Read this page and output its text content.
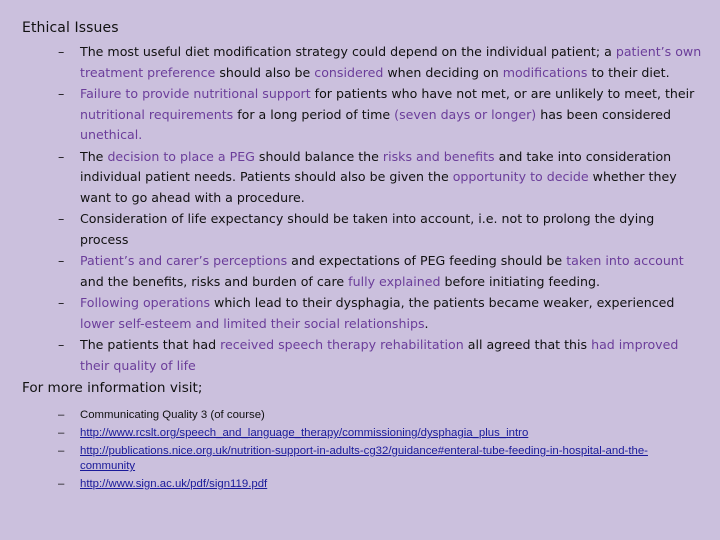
Ethical Issues
– The most useful diet modification strategy could depend on the individual patient; a patient’s own treatment preference should also be considered when deciding on modifications to their diet.
– Failure to provide nutritional support for patients who have not met, or are unlikely to meet, their nutritional requirements for a long period of time (seven days or longer) has been considered unethical.
– The decision to place a PEG should balance the risks and benefits and take into consideration individual patient needs. Patients should also be given the opportunity to decide whether they want to go ahead with a procedure.
– Consideration of life expectancy should be taken into account, i.e. not to prolong the dying process
– Patient’s and carer’s perceptions and expectations of PEG feeding should be taken into account and the benefits, risks and burden of care fully explained before initiating feeding.
– Following operations which lead to their dysphagia, the patients became weaker, experienced lower self-esteem and limited their social relationships.
– The patients that had received speech therapy rehabilitation all agreed that this had improved their quality of life
For more information visit;
– Communicating Quality 3 (of course)
– http://www.rcslt.org/speech_and_language_therapy/commissioning/dysphagia_plus_intro
– http://publications.nice.org.uk/nutrition-support-in-adults-cg32/guidance#enteral-tube-feeding-in-hospital-and-the-community
– http://www.sign.ac.uk/pdf/sign119.pdf
